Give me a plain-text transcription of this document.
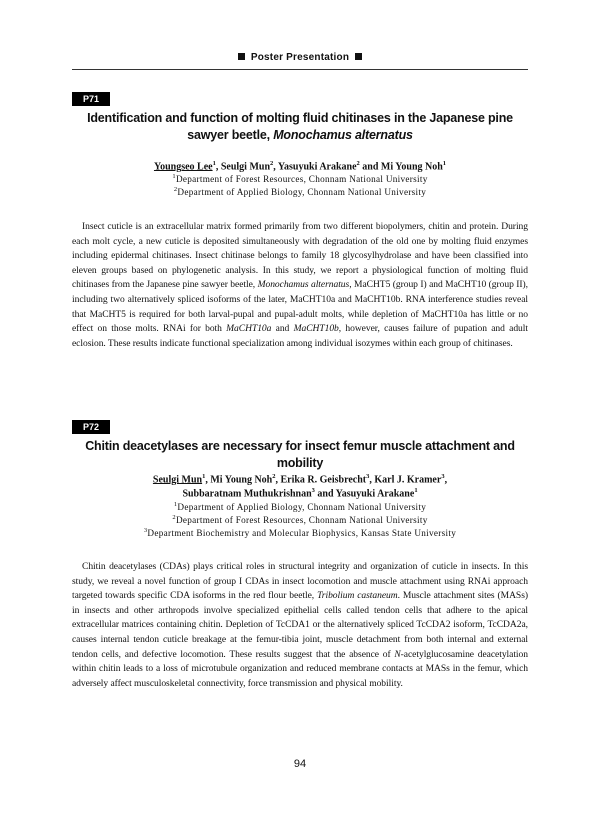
Poster Presentation
P71
Identification and function of molting fluid chitinases in the Japanese pine sawyer beetle, Monochamus alternatus
Youngseo Lee$^1$, Seulgi Mun$^2$, Yasuyuki Arakane$^2$ and Mi Young Noh$^1$
$^1$Department of Forest Resources, Chonnam National University
$^2$Department of Applied Biology, Chonnam National University
Insect cuticle is an extracellular matrix formed primarily from two different biopolymers, chitin and protein. During each molt cycle, a new cuticle is deposited simultaneously with degradation of the old one by molting fluid enzymes including epidermal chitinases. Insect chitinase belongs to family 18 glycosylhydrolase and have been classified into eleven groups based on phylogenetic analysis. In this study, we report a physiological function of molting fluid chitinases from the Japanese pine sawyer beetle, Monochamus alternatus, MaCHT5 (group I) and MaCHT10 (group II), including two alternatively spliced isoforms of the later, MaCHT10a and MaCHT10b. RNA interference studies reveal that MaCHT5 is required for both larval-pupal and pupal-adult molts, while depletion of MaCHT10a has little or no effect on those molts. RNAi for both MaCHT10a and MaCHT10b, however, causes failure of pupation and adult eclosion. These results indicate functional specialization among individual isozymes within each group of chitinases.
P72
Chitin deacetylases are necessary for insect femur muscle attachment and mobility
Seulgi Mun$^1$, Mi Young Noh$^2$, Erika R. Geisbrecht$^3$, Karl J. Kramer$^3$,
Subbaratnam Muthukrishnan$^3$ and Yasuyuki Arakane$^1$
$^1$Department of Applied Biology, Chonnam National University
$^2$Department of Forest Resources, Chonnam National University
$^3$Department Biochemistry and Molecular Biophysics, Kansas State University
Chitin deacetylases (CDAs) plays critical roles in structural integrity and organization of cuticle in insects. In this study, we reveal a novel function of group I CDAs in insect locomotion and muscle attachment using RNAi approach targeted towards specific CDA isoforms in the red flour beetle, Tribolium castaneum. Muscle attachment sites (MASs) in insects and other arthropods involve specialized epithelial cells called tendon cells that adhere to the apical extracellular matrices containing chitin. Depletion of TcCDA1 or the alternatively spliced TcCDA2 isoform, TcCDA2a, causes internal tendon cuticle breakage at the femur-tibia joint, muscle detachment from both internal and external tendon cells, and defective locomotion. These results suggest that the absence of N-acetylglucosamine deacetylation within chitin leads to a loss of microtubule organization and reduced membrane contacts at MASs in the femur, which adversely affect musculoskeletal connectivity, force transmission and physical mobility.
94
